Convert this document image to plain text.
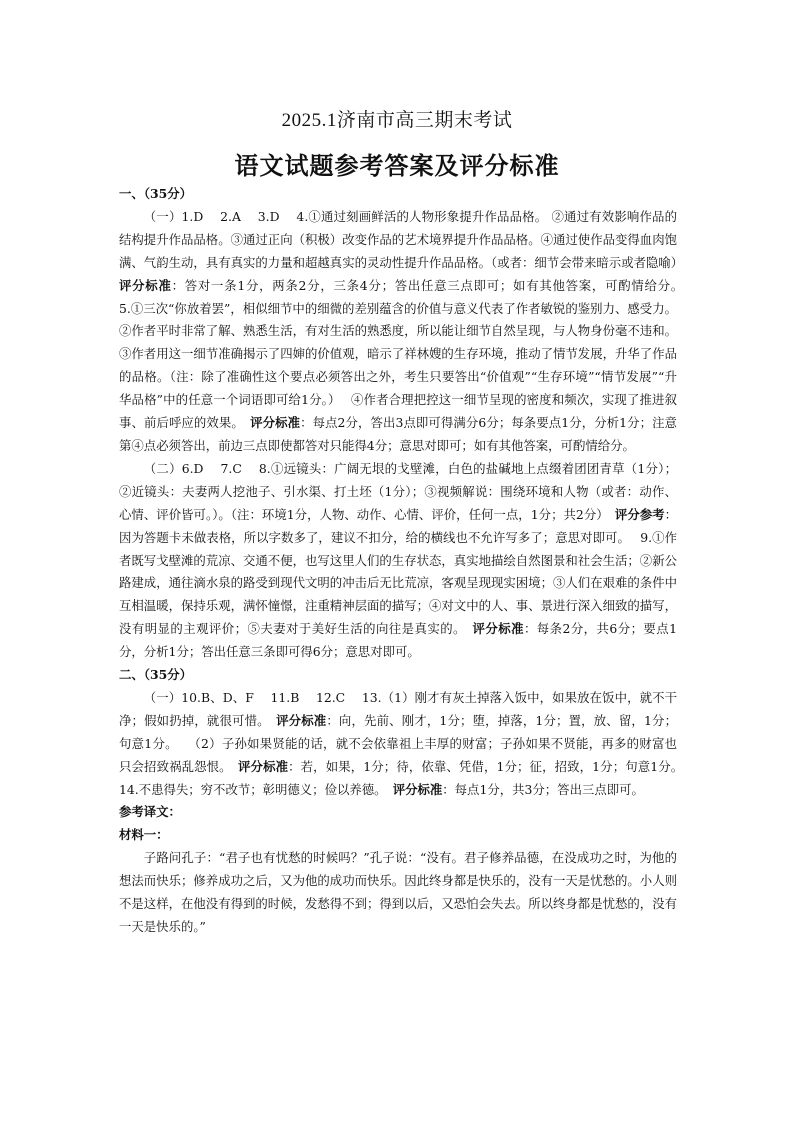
2025.1济南市高三期末考试
语文试题参考答案及评分标准

一、（35分）

（一）1.D　 2.A　 3.D　 4.①通过刻画鲜活的人物形象提升作品品格。 ②通过有效影响作品的结构提升作品品格。③通过正向（积极）改变作品的艺术境界提升作品品格。④通过使作品变得血肉饱满、气韵生动，具有真实的力量和超越真实的灵动性提升作品品格。（或者：细节会带来暗示或者隐喻）　评分标准：答对一条1分，两条2分，三条4分；答出任意三点即可；如有其他答案，可酌情给分。　 5.①三次“你放着罢”，相似细节中的细微的差别蕴含的价值与意义代表了作者敏锐的鉴别力、感受力。 ②作者平时非常了解、熟悉生活，有对生活的熟悉度，所以能让细节自然呈现，与人物身份毫不违和。 ③作者用这一细节准确揭示了四婶的价值观，暗示了祥林嫂的生存环境，推动了情节发展，升华了作品的品格。（注：除了准确性这个要点必须答出之外，考生只要答出“价值观”“生存环境”“情节发展”“升华品格”中的任意一个词语即可给1分。）　 ④作者合理把控这一细节呈现的密度和频次，实现了推进叙事、前后呼应的效果。　评分标准：每点2分，答出3点即可得满分6分；每条要点1分，分析1分；注意第④点必须答出，前边三点即使都答对只能得4分；意思对即可；如有其他答案，可酌情给分。

（二）6.D　 7.C　 8.①远镜头：广阔无垠的戈壁滩，白色的盐碱地上点缀着团团青草（1分）；②近镜头：夫妻两人挖池子、引水渠、打土坯（1分）；③视频解说：围绕环境和人物（或者：动作、心情、评价皆可。）。（注：环境1分，人物、动作、心情、评价，任何一点，1分；共2分）　评分参考：因为答题卡未做表格，所以字数多了，建议不扣分，给的横线也不允许写多了；意思对即可。　 9.①作者既写戈壁滩的荒凉、交通不便，也写这里人们的生存状态，真实地描绘自然图景和社会生活；②新公路建成，通往滴水泉的路受到现代文明的冲击后无比荒凉，客观呈现现实困境；③人们在艰难的条件中互相温暖，保持乐观，满怀憧憬，注重精神层面的描写；④对文中的人、事、景进行深入细致的描写，没有明显的主观评价；⑤夫妻对于美好生活的向往是真实的。　评分标准：每条2分，共6分；要点1分，分析1分；答出任意三条即可得6分；意思对即可。

二、（35分）

（一）10.B、D、F　 11.B　 12.C　 13.（1）刚才有灰土掉落入饭中，如果放在饭中，就不干净；假如扔掉，就很可惜。　评分标准：向，先前、刚才，1分；堕，掉落，1分；置，放、留，1分；句意1分。　 （2）子孙如果贤能的话，就不会依靠祖上丰厚的财富；子孙如果不贤能，再多的财富也只会招致祸乱怨恨。　评分标准：若，如果，1分；待，依靠、凭借，1分；征，招致，1分；句意1分。　 14.不患得失；穷不改节；彰明德义；俭以养德。　评分标准：每点1分，共3分；答出三点即可。

参考译文：

材料一：

子路问孔子：“君子也有忧愁的时候吗？”孔子说：“没有。君子修养品德，在没成功之时，为他的想法而快乐；修养成功之后，又为他的成功而快乐。因此终身都是快乐的，没有一天是忧愁的。小人则不是这样，在他没有得到的时候，发愁得不到；得到以后，又恐怕会失去。所以终身都是忧愁的，没有一天是快乐的。”
